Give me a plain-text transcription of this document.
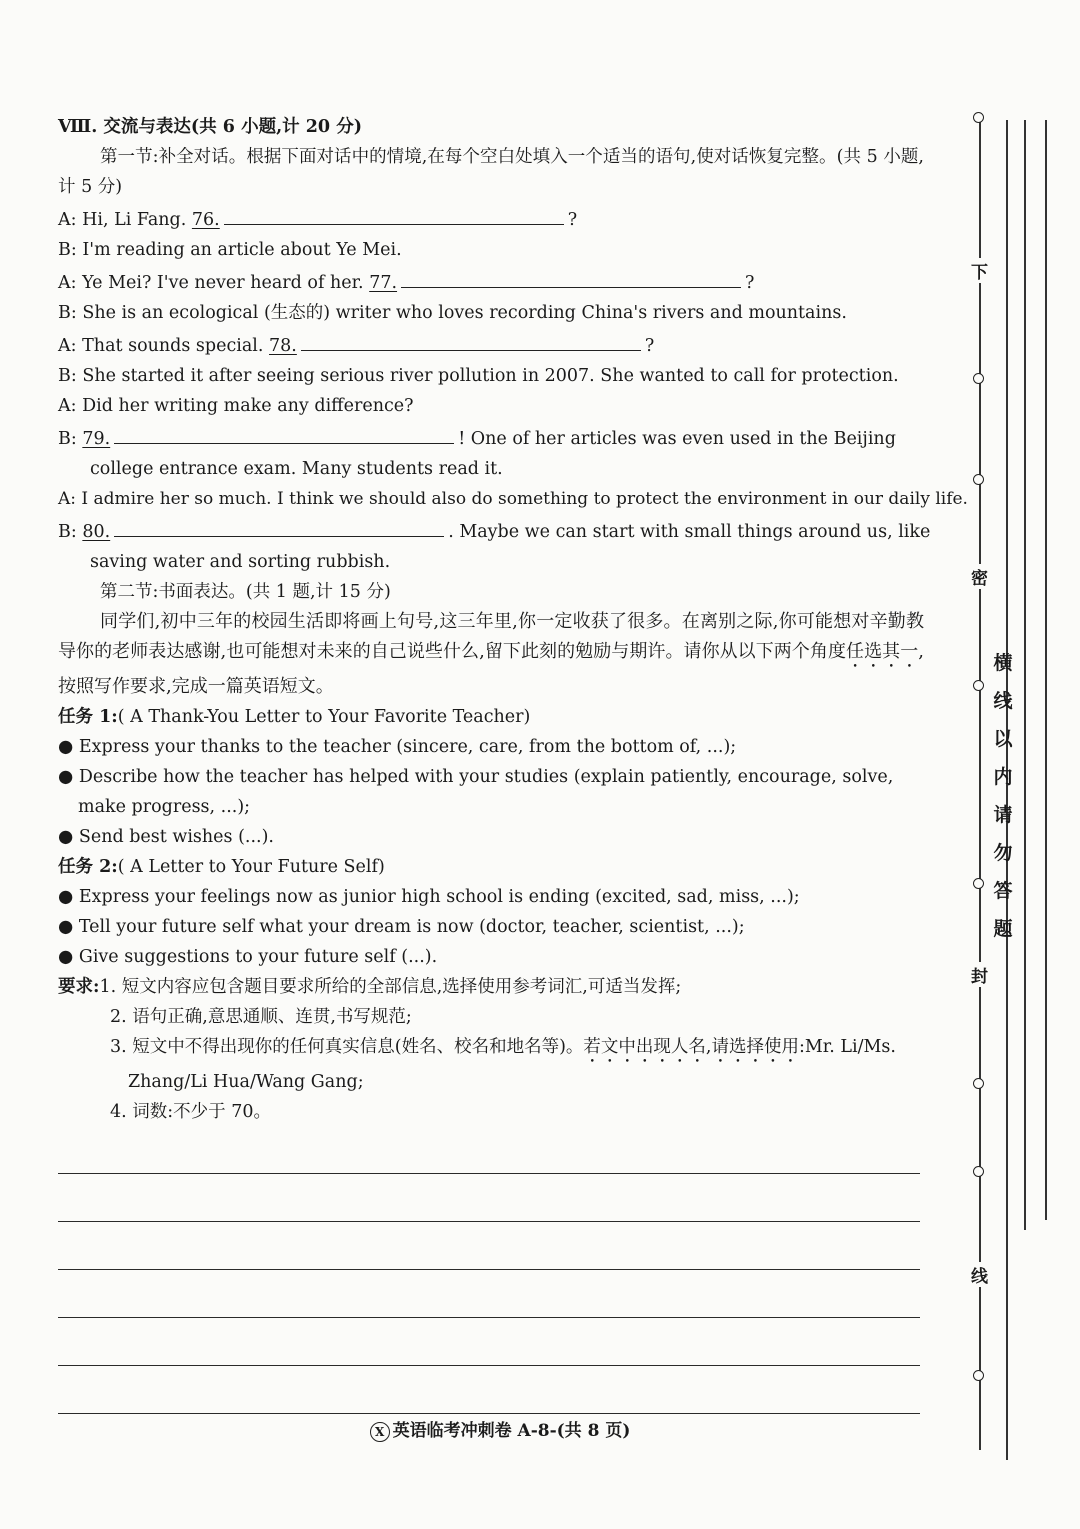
Ⅷ. 交流与表达(共 6 小题,计 20 分)
第一节:补全对话。根据下面对话中的情境,在每个空白处填入一个适当的语句,使对话恢复完整。(共 5 小题,计 5 分)
A: Hi, Li Fang. 76.	?
B: I'm reading an article about Ye Mei.
A: Ye Mei? I've never heard of her. 77.	?
B: She is an ecological (生态的) writer who loves recording China's rivers and mountains.
A: That sounds special. 78.	?
B: She started it after seeing serious river pollution in 2007. She wanted to call for protection.
A: Did her writing make any difference?
B: 79.	! One of her articles was even used in the Beijing
college entrance exam. Many students read it.
A: I admire her so much. I think we should also do something to protect the environment in our daily life.
B: 80.	. Maybe we can start with small things around us, like
saving water and sorting rubbish.
第二节:书面表达。(共 1 题,计 15 分)
同学们,初中三年的校园生活即将画上句号,这三年里,你一定收获了很多。在离别之际,你可能想对辛勤教导你的老师表达感谢,也可能想对未来的自己说些什么,留下此刻的勉励与期许。请你从以下两个角度任选其一,按照写作要求,完成一篇英语短文。
任务 1:( A Thank-You Letter to Your Favorite Teacher)
● Express your thanks to the teacher (sincere, care, from the bottom of, ...);
● Describe how the teacher has helped with your studies (explain patiently, encourage, solve, make progress, ...);
● Send best wishes (...).
任务 2:( A Letter to Your Future Self)
● Express your feelings now as junior high school is ending (excited, sad, miss, ...);
● Tell your future self what your dream is now (doctor, teacher, scientist, ...);
● Give suggestions to your future self (...).
要求:1. 短文内容应包含题目要求所给的全部信息,选择使用参考词汇,可适当发挥;
2. 语句正确,意思通顺、连贯,书写规范;
3. 短文中不得出现你的任何真实信息(姓名、校名和地名等)。若文中出现人名,请选择使用:Mr. Li/Ms. Zhang/Li Hua/Wang Gang;
4. 词数:不少于 70。
X 英语临考冲刺卷 A-8-(共 8 页)
下
密
封
线
横
线
以
内
请
勿
答
题
